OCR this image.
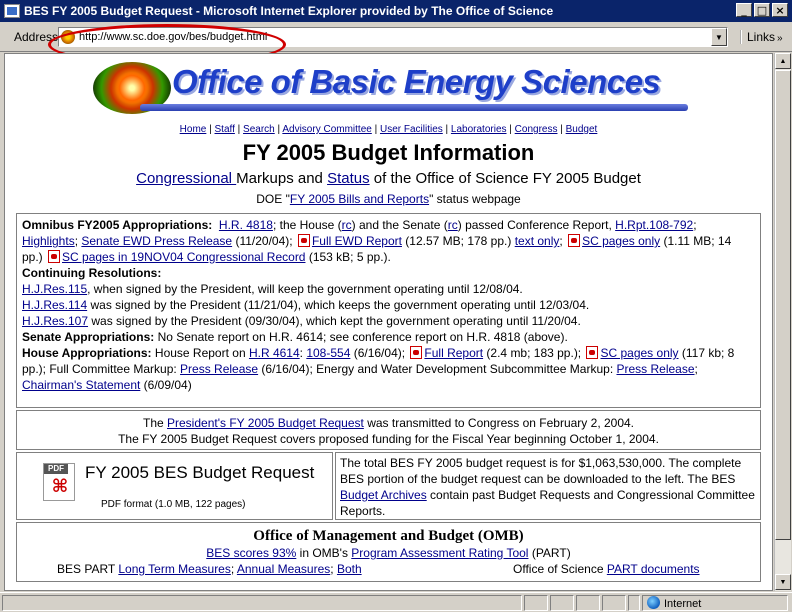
BES FY 2005 Budget Request - Microsoft Internet Explorer provided by The Office of Science	_ □ ×
Address http://www.sc.doe.gov/bes/budget.html	▼	Links »
Office of Basic Energy Sciences
Home | Staff | Search | Advisory Committee | User Facilities | Laboratories | Congress | Budget
FY 2005 Budget Information
Congressional Markups and Status of the Office of Science FY 2005 Budget
DOE "FY 2005 Bills and Reports" status webpage
Omnibus FY2005 Appropriations: H.R. 4818; the House (rc) and the Senate (rc) passed Conference Report, H.Rpt.108-792; Highlights; Senate EWD Press Release (11/20/04); Full EWD Report (12.57 MB; 178 pp.) text only; SC pages only (1.11 MB; 14 pp.) SC pages in 19NOV04 Congressional Record (153 kB; 5 pp.).
Continuing Resolutions:
H.J.Res.115, when signed by the President, will keep the government operating until 12/08/04.
H.J.Res.114 was signed by the President (11/21/04), which keeps the government operating until 12/03/04.
H.J.Res.107 was signed by the President (09/30/04), which kept the government operating until 11/20/04.
Senate Appropriations: No Senate report on H.R. 4614; see conference report on H.R. 4818 (above).
House Appropriations: House Report on H.R 4614: 108-554 (6/16/04); Full Report (2.4 mb; 183 pp.); SC pages only (117 kb; 8 pp.); Full Committee Markup: Press Release (6/16/04); Energy and Water Development Subcommittee Markup: Press Release; Chairman's Statement (6/09/04)
The President's FY 2005 Budget Request was transmitted to Congress on February 2, 2004.
The FY 2005 Budget Request covers proposed funding for the Fiscal Year beginning October 1, 2004.
PDF
⌘
FY 2005 BES Budget Request
PDF format (1.0 MB, 122 pages)
The total BES FY 2005 budget request is for $1,063,530,000. The complete BES portion of the budget request can be downloaded to the left. The BES Budget Archives contain past Budget Requests and Congressional Committee Reports.
Office of Management and Budget (OMB)
BES scores 93% in OMB's Program Assessment Rating Tool (PART)
BES PART Long Term Measures; Annual Measures; Both	Office of Science PART documents
▲
▼
Internet
